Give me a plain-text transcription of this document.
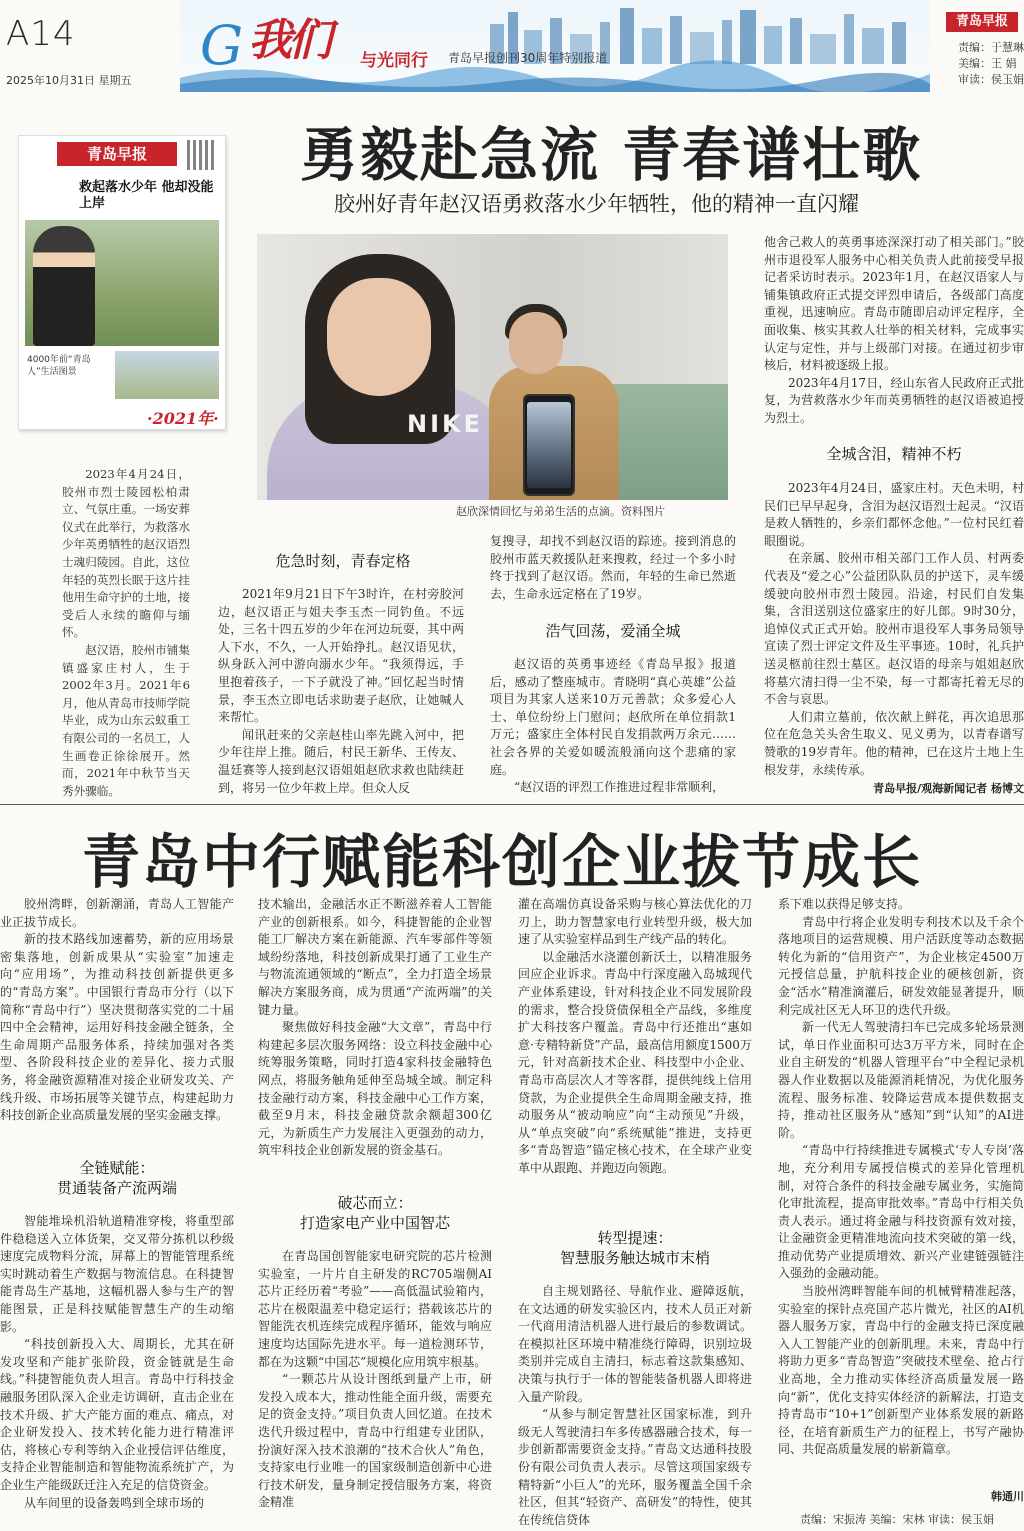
A14
2025年10月31日 星期五
G 我们 与光同行 青岛早报创刊30周年特别报道
青岛早报
责编：于慧琳
美编：王 娟
审读：侯玉娟
勇毅赴急流 青春谱壮歌
胶州好青年赵汉语勇救落水少年牺牲，他的精神一直闪耀
青岛早报
救起落水少年 他却没能上岸
4000年前“青岛人”生活图景
·2021年·

2023年4月24日，胶州市烈士陵园松柏肃立、气氛庄重。一场安葬仪式在此举行，为救落水少年英勇牺牲的赵汉语烈士魂归陵园。自此，这位年轻的英烈长眠于这片挂他用生命守护的土地，接受后人永续的瞻仰与缅怀。

赵汉语，胶州市铺集镇盛家庄村人，生于2002年3月。2021年6月，他从青岛市技师学院毕业，成为山东云蚁重工有限公司的一名员工，人生画卷正徐徐展开。然而，2021年中秋节当天秀外骤临。

NIKE
赵欣深情回忆与弟弟生活的点滴。资料图片
危急时刻，青春定格

2021年9月21日下午3时许，在村旁胶河边，赵汉语正与姐夫李玉杰一同钓鱼。不远处，三名十四五岁的少年在河边玩耍，其中两人下水，不久，一人开始挣扎。赵汉语见状，纵身跃入河中游向溺水少年。“我须得远，手里抱着孩子，一下子就没了神。”回忆起当时情景，李玉杰立即电话求助妻子赵欣，让她喊人来帮忙。

闻讯赶来的父亲赵桂山率先跳入河中，把少年往岸上推。随后，村民王新华、王传友、温廷赛等人接到赵汉语姐姐赵欣求救也陆续赶到，将另一位少年救上岸。但众人反

复搜寻，却找不到赵汉语的踪迹。接到消息的胶州市蓝天救援队赶来搜救，经过一个多小时终于找到了赵汉语。然而，年轻的生命已然逝去，生命永远定格在了19岁。

浩气回荡，爱涌全城

赵汉语的英勇事迹经《青岛早报》报道后，感动了整座城市。青晓明“真心英雄”公益项目为其家人送来10万元善款；众多爱心人士、单位纷纷上门慰问；赵欣所在单位捐款1万元；盛家庄全体村民自发捐款两万余元……社会各界的关爱如暖流般涌向这个悲痛的家庭。

“赵汉语的评烈工作推进过程非常顺利，

他舍己救人的英勇事迹深深打动了相关部门。”胶州市退役军人服务中心相关负责人此前接受早报记者采访时表示。2023年1月，在赵汉语家人与铺集镇政府正式提交评烈申请后，各级部门高度重视，迅速响应。青岛市随即启动评定程序，全面收集、核实其救人壮举的相关材料，完成事实认定与定性，并与上级部门对接。在通过初步审核后，材料被逐级上报。

2023年4月17日，经山东省人民政府正式批复，为营救落水少年而英勇牺牲的赵汉语被追授为烈士。

全城含泪，精神不朽

2023年4月24日，盛家庄村。天色未明，村民们已早早起身，含泪为赵汉语烈士起灵。“汉语是救人牺牲的，乡亲们都怀念他。”一位村民红着眼圈说。

在亲属、胶州市相关部门工作人员、村两委代表及“爱之心”公益团队队员的护送下，灵车缓缓驶向胶州市烈士陵园。沿途，村民们自发集集，含泪送别这位盛家庄的好儿郎。9时30分，追悼仪式正式开始。胶州市退役军人事务局领导宣读了烈士评定文件及生平事迹。10时，礼兵护送灵柩前往烈士墓区。赵汉语的母亲与姐姐赵欣将墓穴清扫得一尘不染，每一寸都寄托着无尽的不舍与哀思。

人们肃立墓前，依次献上鲜花，再次追思那位在危急关头舍生取义、见义勇为，以青春谱写赞歌的19岁青年。他的精神，已在这片土地上生根发芽，永续传承。

青岛早报/观海新闻记者 杨博文
青岛中行赋能科创企业拔节成长

胶州湾畔，创新潮涌，青岛人工智能产业正拔节成长。

新的技术路线加速蓄势，新的应用场景密集落地，创新成果从“实验室”加速走向“应用场”，为推动科技创新提供更多的“青岛方案”。中国银行青岛市分行（以下简称“青岛中行”）坚决贯彻落实党的二十届四中全会精神，运用好科技金融全链条，全生命周期产品服务体系，持续加强对各类型、各阶段科技企业的差异化、接力式服务，将金融资源精准对接企业研发攻关、产线升级、市场拓展等关键节点，构建起助力科技创新企业高质量发展的坚实金融支撑。

全链赋能：
贯通装备产流两端

智能堆垛机沿轨道精准穿梭，将重型部件稳稳送入立体货架，交叉带分拣机以秒级速度完成物料分流，屏幕上的智能管理系统实时跳动着生产数据与物流信息。在科捷智能青岛生产基地，这幅机器人参与生产的智能图景，正是科技赋能智慧生产的生动缩影。

“科技创新投入大、周期长，尤其在研发攻坚和产能扩张阶段，资金链就是生命线。”科捷智能负责人坦言。青岛中行科技金融服务团队深入企业走访调研，直击企业在技术升级、扩大产能方面的难点、痛点，对企业研发投入、技术转化能力进行精准评估，将核心专利等纳入企业授信评估维度，支持企业智能制造和智能物流系统扩产，为企业生产能级跃迁注入充足的信贷资金。

从车间里的设备轰鸣到全球市场的

技术输出，金融活水正不断滋养着人工智能产业的创新根系。如今，科捷智能的企业智能工厂解决方案在新能源、汽车零部件等领域纷纷落地，科技创新成果打通了工业生产与物流流通领域的“断点”，全力打造全场景解决方案服务商，成为贯通“产流两端”的关键力量。

聚焦做好科技金融“大文章”，青岛中行构建起多层次服务网络：设立科技金融中心统筹服务策略，同时打造4家科技金融特色网点，将服务触角延伸至岛城全域。制定科技金融行动方案，科技金融中心工作方案，截至9月末，科技金融贷款余额超300亿元，为新质生产力发展注入更强劲的动力，筑牢科技企业创新发展的资金基石。

破芯而立：
打造家电产业中国智芯

在青岛国创智能家电研究院的芯片检测实验室，一片片自主研发的RC705端侧AI芯片正经历着“考验”——高低温试验箱内，芯片在极限温差中稳定运行；搭载该芯片的智能洗衣机连续完成程序循环，能效与响应速度均达国际先进水平。每一道检测环节，都在为这颗“中国芯”规模化应用筑牢根基。

“一颗芯片从设计图纸到量产上市，研发投入成本大，推动性能全面升级，需要充足的资金支持。”项目负责人回忆道。在技术迭代升级过程中，青岛中行组建专业团队，扮演好深入技术浪潮的“技术合伙人”角色，支持家电行业唯一的国家级制造创新中心进行技术研发，量身制定授信服务方案，将资金精准

灌在高端仿真设备采购与核心算法优化的刀刃上，助力智慧家电行业转型升级，极大加速了从实验室样品到生产线产品的转化。

以金融活水浇灌创新沃土，以精准服务回应企业诉求。青岛中行深度融入岛城现代产业体系建设，针对科技企业不同发展阶段的需求，整合投贷债保租全产品线，多维度扩大科技客户覆盖。青岛中行还推出“惠如意·专精特新贷”产品，最高信用额度1500万元，针对高新技术企业、科技型中小企业、青岛市高层次人才等客群，提供纯线上信用贷款，为企业提供全生命周期金融支持，推动服务从“被动响应”向“主动预见”升级，从“单点突破”向“系统赋能”推进，支持更多“青岛智造”锚定核心技术，在全球产业变革中从跟跑、并跑迈向领跑。

转型提速：
智慧服务触达城市末梢

自主规划路径、导航作业、避障返航，在文达通的研发实验区内，技术人员正对新一代商用清洁机器人进行最后的参数调试。在模拟社区环境中精准绕行障碍，识别垃圾类别并完成自主清扫，标志着这款集感知、决策与执行于一体的智能装备机器人即将进入量产阶段。

“从参与制定智慧社区国家标准，到升级无人驾驶清扫车多传感器融合技术，每一步创新都需要资金支持。”青岛文达通科技股份有限公司负责人表示。尽管这项国家级专精特新“小巨人”的光环，服务覆盖全国千余社区，但其“轻资产、高研发”的特性，使其在传统信贷体

系下难以获得足够支持。

青岛中行将企业发明专利技术以及千余个落地项目的运营规模、用户活跃度等动态数据转化为新的“信用资产”，为企业核定4500万元授信总量，护航科技企业的硬核创新，资金“活水”精准滴灌后，研发效能显著提升，顺利完成社区无人环卫的迭代升级。

新一代无人驾驶清扫车已完成多轮场景测试，单日作业面积可达3万平方米，同时在企业自主研发的“机器人管理平台”中全程记录机器人作业数据以及能源消耗情况，为优化服务流程、服务标准、较降运营成本提供数据支持，推动社区服务从“感知”到“认知”的AI进阶。

“青岛中行持续推进专属模式‘专人专岗’落地，充分利用专属授信模式的差异化管理机制，对符合条件的科技金融专属业务，实施简化审批流程，提高审批效率。”青岛中行相关负责人表示。通过将金融与科技资源有效对接，让金融资金更精准地流向技术突破的第一线，推动优势产业提质增效、新兴产业建链强链注入强劲的金融动能。

当胶州湾畔智能车间的机械臂精准起落，实验室的探针点亮国产芯片微光，社区的AI机器人服务万家，青岛中行的金融支持已深度融入人工智能产业的创新肌理。未来，青岛中行将助力更多“青岛智造”突破技术壁垒、抢占行业高地，全力推动实体经济高质量发展一路向“新”，优化支持实体经济的新解法，打造支持青岛市“10+1”创新型产业体系发展的新路径，在培育新质生产力的征程上，书写产融协同、共促高质量发展的崭新篇章。

韩通川
责编：宋振涛 美编：宋林 审读：侯玉娟
